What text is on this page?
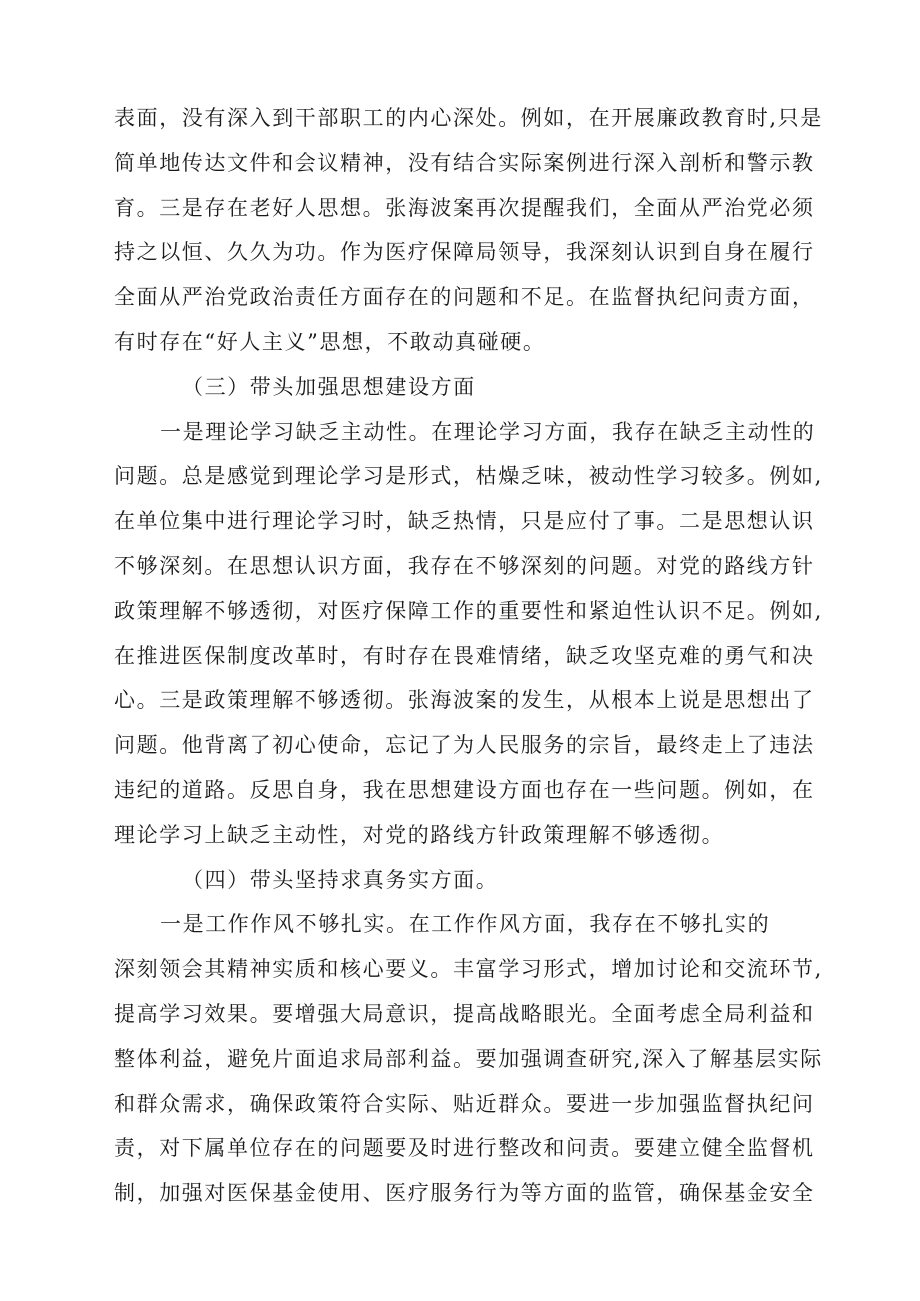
表面，没有深入到干部职工的内心深处。例如，在开展廉政教育时,只是
简单地传达文件和会议精神，没有结合实际案例进行深入剖析和警示教
育。三是存在老好人思想。张海波案再次提醒我们，全面从严治党必须
持之以恒、久久为功。作为医疗保障局领导，我深刻认识到自身在履行
全面从严治党政治责任方面存在的问题和不足。在监督执纪问责方面，
有时存在“好人主义”思想，不敢动真碰硬。
（三）带头加强思想建设方面
一是理论学习缺乏主动性。在理论学习方面，我存在缺乏主动性的
问题。总是感觉到理论学习是形式，枯燥乏味，被动性学习较多。例如,
在单位集中进行理论学习时，缺乏热情，只是应付了事。二是思想认识
不够深刻。在思想认识方面，我存在不够深刻的问题。对党的路线方针
政策理解不够透彻，对医疗保障工作的重要性和紧迫性认识不足。例如,
在推进医保制度改革时，有时存在畏难情绪，缺乏攻坚克难的勇气和决
心。三是政策理解不够透彻。张海波案的发生，从根本上说是思想出了
问题。他背离了初心使命，忘记了为人民服务的宗旨，最终走上了违法
违纪的道路。反思自身，我在思想建设方面也存在一些问题。例如，在
理论学习上缺乏主动性，对党的路线方针政策理解不够透彻。
（四）带头坚持求真务实方面。
一是工作作风不够扎实。在工作作风方面，我存在不够扎实的
深刻领会其精神实质和核心要义。丰富学习形式，增加讨论和交流环节,
提高学习效果。要增强大局意识，提高战略眼光。全面考虑全局利益和
整体利益，避免片面追求局部利益。要加强调查研究,深入了解基层实际
和群众需求，确保政策符合实际、贴近群众。要进一步加强监督执纪问
责，对下属单位存在的问题要及时进行整改和问责。要建立健全监督机
制，加强对医保基金使用、医疗服务行为等方面的监管，确保基金安全
